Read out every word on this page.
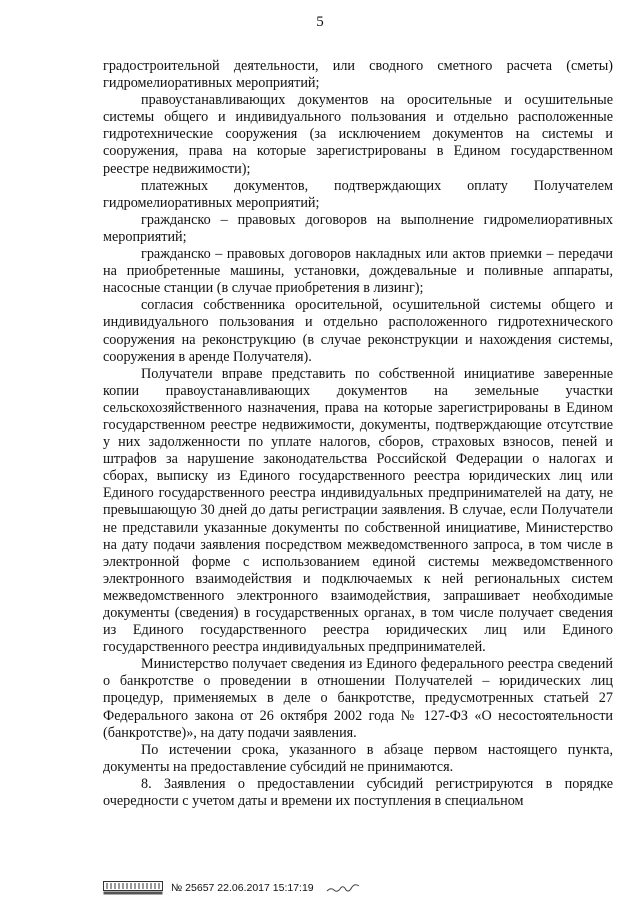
5

градостроительной деятельности, или сводного сметного расчета (сметы) гидромелиоративных мероприятий;

правоустанавливающих документов на оросительные и осушительные системы общего и индивидуального пользования и отдельно расположенные гидротехнические сооружения (за исключением документов на системы и сооружения, права на которые зарегистрированы в Едином государственном реестре недвижимости);

платежных документов, подтверждающих оплату Получателем гидромелиоративных мероприятий;

гражданско – правовых договоров на выполнение гидромелиоративных мероприятий;

гражданско – правовых договоров накладных или актов приемки – передачи на приобретенные машины, установки, дождевальные и поливные аппараты, насосные станции (в случае приобретения в лизинг);

согласия собственника оросительной, осушительной системы общего и индивидуального пользования и отдельно расположенного гидротехнического сооружения на реконструкцию (в случае реконструкции и нахождения системы, сооружения в аренде Получателя).

Получатели вправе представить по собственной инициативе заверенные копии правоустанавливающих документов на земельные участки сельскохозяйственного назначения, права на которые зарегистрированы в Едином государственном реестре недвижимости, документы, подтверждающие отсутствие у них задолженности по уплате налогов, сборов, страховых взносов, пеней и штрафов за нарушение законодательства Российской Федерации о налогах и сборах, выписку из Единого государственного реестра юридических лиц или Единого государственного реестра индивидуальных предпринимателей на дату, не превышающую 30 дней до даты регистрации заявления. В случае, если Получатели не представили указанные документы по собственной инициативе, Министерство на дату подачи заявления посредством межведомственного запроса, в том числе в электронной форме с использованием единой системы межведомственного электронного взаимодействия и подключаемых к ней региональных систем межведомственного электронного взаимодействия, запрашивает необходимые документы (сведения) в государственных органах, в том числе получает сведения из Единого государственного реестра юридических лиц или Единого государственного реестра индивидуальных предпринимателей.

Министерство получает сведения из Единого федерального реестра сведений о банкротстве о проведении в отношении Получателей – юридических лиц процедур, применяемых в деле о банкротстве, предусмотренных статьей 27 Федерального закона от 26 октября 2002 года № 127-ФЗ «О несостоятельности (банкротстве)», на дату подачи заявления.

По истечении срока, указанного в абзаце первом настоящего пункта, документы на предоставление субсидий не принимаются.

8. Заявления о предоставлении субсидий регистрируются в порядке очередности с учетом даты и времени их поступления в специальном

№ 25657 22.06.2017 15:17:19
